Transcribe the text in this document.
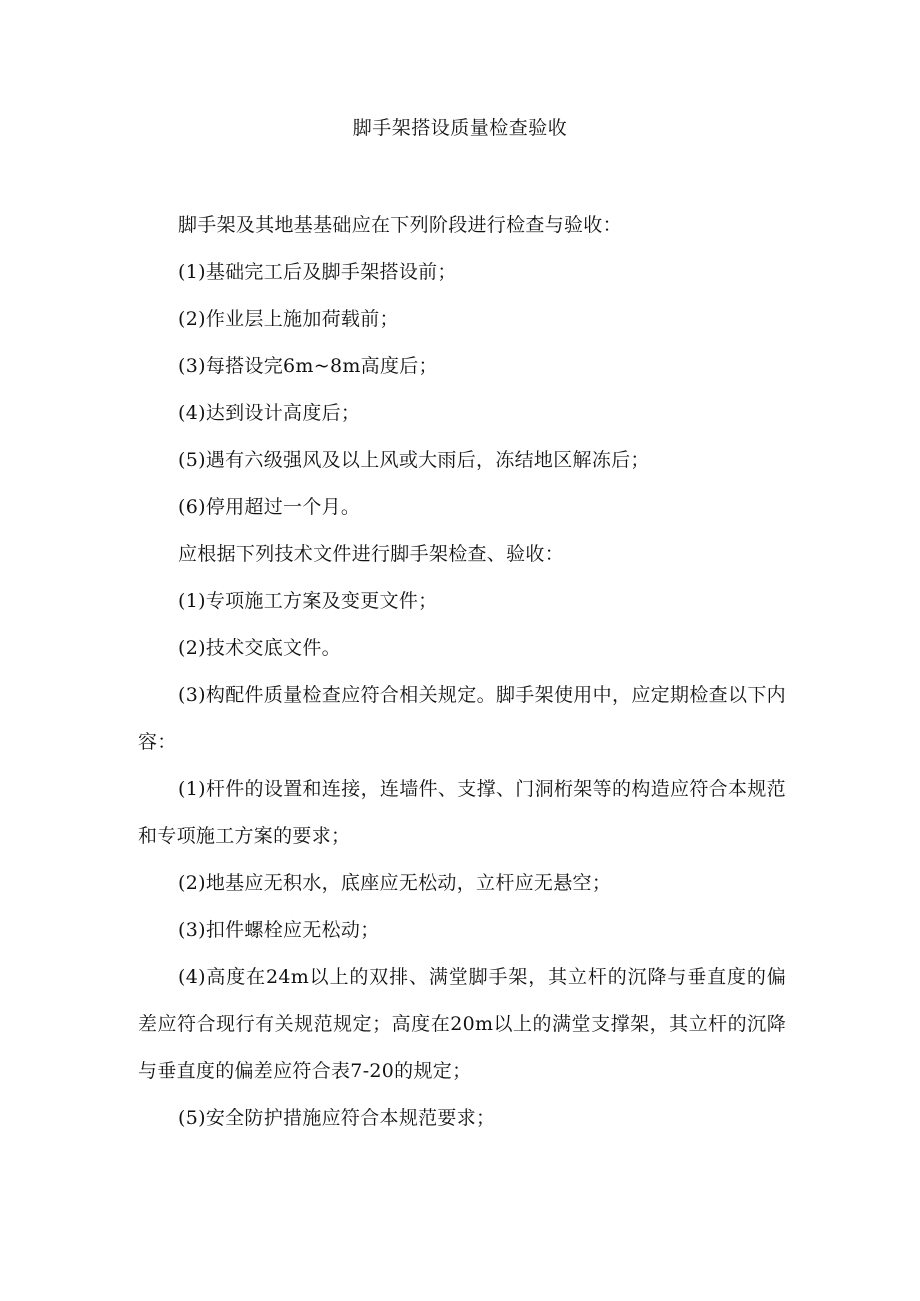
脚手架搭设质量检查验收

脚手架及其地基基础应在下列阶段进行检查与验收：

(1)基础完工后及脚手架搭设前；

(2)作业层上施加荷载前；

(3)每搭设完6m~8m高度后；

(4)达到设计高度后；

(5)遇有六级强风及以上风或大雨后，冻结地区解冻后；

(6)停用超过一个月。

应根据下列技术文件进行脚手架检查、验收：

(1)专项施工方案及变更文件；

(2)技术交底文件。

(3)构配件质量检查应符合相关规定。脚手架使用中，应定期检查以下内容：

(1)杆件的设置和连接，连墙件、支撑、门洞桁架等的构造应符合本规范和专项施工方案的要求；

(2)地基应无积水，底座应无松动，立杆应无悬空；

(3)扣件螺栓应无松动；

(4)高度在24m以上的双排、满堂脚手架，其立杆的沉降与垂直度的偏差应符合现行有关规范规定；高度在20m以上的满堂支撑架，其立杆的沉降与垂直度的偏差应符合表7-20的规定；

(5)安全防护措施应符合本规范要求；
